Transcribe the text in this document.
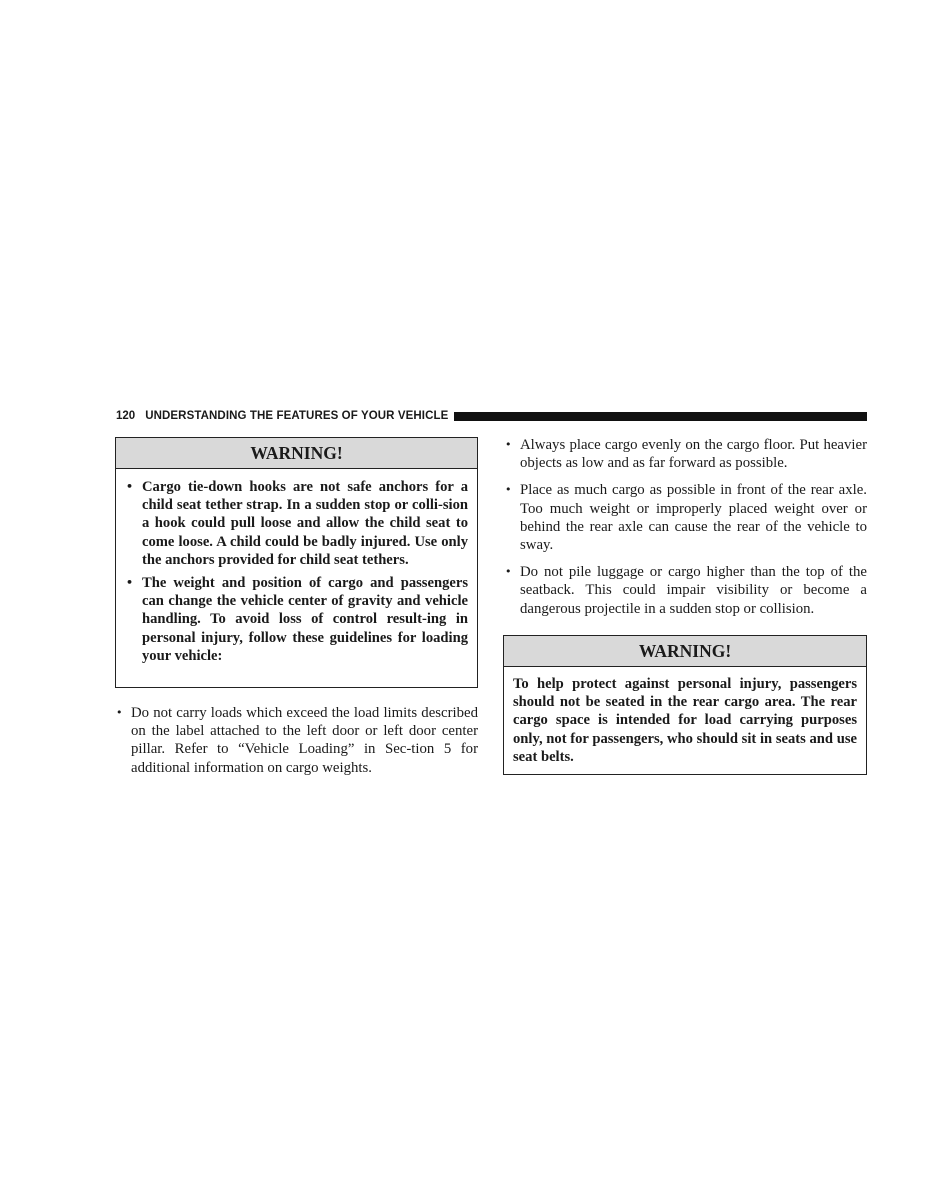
120 UNDERSTANDING THE FEATURES OF YOUR VEHICLE
WARNING!
• Cargo tie-down hooks are not safe anchors for a child seat tether strap. In a sudden stop or colli-sion a hook could pull loose and allow the child seat to come loose. A child could be badly injured. Use only the anchors provided for child seat tethers.
• The weight and position of cargo and passengers can change the vehicle center of gravity and vehicle handling. To avoid loss of control result-ing in personal injury, follow these guidelines for loading your vehicle:
• Do not carry loads which exceed the load limits described on the label attached to the left door or left door center pillar. Refer to “Vehicle Loading” in Sec-tion 5 for additional information on cargo weights.
• Always place cargo evenly on the cargo floor. Put heavier objects as low and as far forward as possible.
• Place as much cargo as possible in front of the rear axle. Too much weight or improperly placed weight over or behind the rear axle can cause the rear of the vehicle to sway.
• Do not pile luggage or cargo higher than the top of the seatback. This could impair visibility or become a dangerous projectile in a sudden stop or collision.
WARNING!
To help protect against personal injury, passengers should not be seated in the rear cargo area. The rear cargo space is intended for load carrying purposes only, not for passengers, who should sit in seats and use seat belts.
